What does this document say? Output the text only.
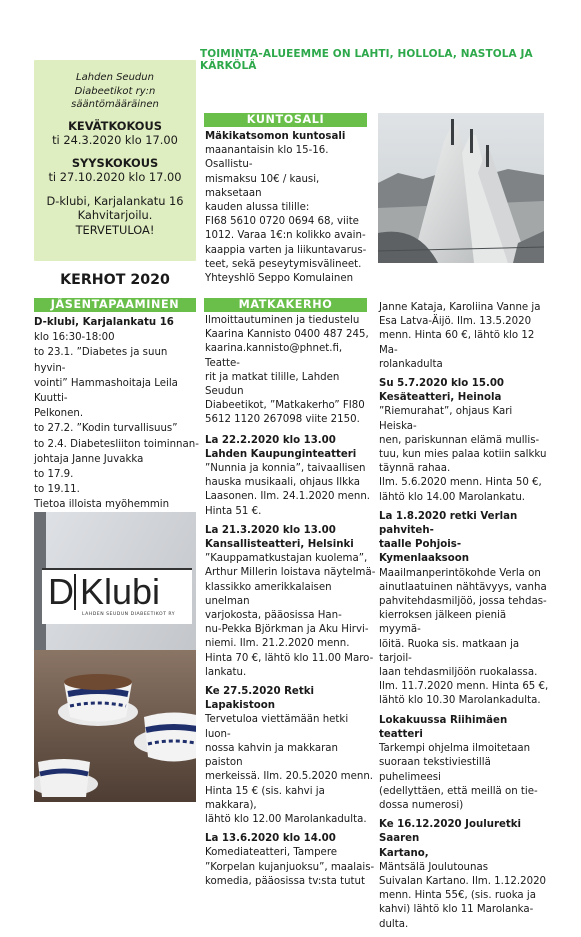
TOIMINTA-ALUEEMME ON LAHTI, HOLLOLA, NASTOLA JA KÄRKÖLÄ
Lahden Seudun
Diabeetikot ry:n
sääntömääräinen
KEVÄTKOKOUS
ti 24.3.2020 klo 17.00
SYYSKOKOUS
ti 27.10.2020 klo 17.00
D-klubi, Karjalankatu 16
Kahvitarjoilu.
TERVETULOA!
KUNTOSALI
Mäkikatsomon kuntosali
maanantaisin klo 15-16. Osallistu-
mismaksu 10€ / kausi, maksetaan
kauden alussa tilille:
FI68 5610 0720 0694 68, viite
1012. Varaa 1€:n kolikko avain-
kaappia varten ja liikuntavarus-
teet, sekä peseytymisvälineet.
Yhteyshlö Seppo Komulainen
KERHOT 2020
JÄSENTAPAAMINEN
D-klubi, Karjalankatu 16
klo 16:30-18:00
to 23.1. ”Diabetes ja suun hyvin-
vointi” Hammashoitaja Leila Kuutti-
Pelkonen.
to 27.2. ”Kodin turvallisuus”
to 2.4. Diabetesliiton toiminnan-
johtaja Janne Juvakka
to 17.9.
to 19.11.
Tietoa illoista myöhemmin
D Klubi
LAHDEN SEUDUN DIABEETIKOT RY
MATKAKERHO
Ilmoittautuminen ja tiedustelu
Kaarina Kannisto 0400 487 245,
kaarina.kannisto@phnet.fi, Teatte-
rit ja matkat tilille, Lahden Seudun
Diabeetikot, ”Matkakerho” FI80
5612 1120 267098 viite 2150.
La 22.2.2020 klo 13.00
Lahden Kaupunginteatteri
”Nunnia ja konnia”, taivaallisen
hauska musikaali, ohjaus Ilkka
Laasonen. Ilm. 24.1.2020 menn.
Hinta 51 €.
La 21.3.2020 klo 13.00
Kansallisteatteri, Helsinki
”Kauppamatkustajan kuolema”,
Arthur Millerin loistava näytelmä-
klassikko amerikkalaisen unelman
varjokosta, pääosissa Han-
nu-Pekka Björkman ja Aku Hirvi-
niemi. Ilm. 21.2.2020 menn.
Hinta 70 €, lähtö klo 11.00 Maro-
lankatu.
Ke 27.5.2020 Retki Lapakistoon
Tervetuloa viettämään hetki luon-
nossa kahvin ja makkaran paiston
merkeissä. Ilm. 20.5.2020 menn.
Hinta 15 € (sis. kahvi ja makkara),
lähtö klo 12.00 Marolankadulta.
La 13.6.2020 klo 14.00
Komediateatteri, Tampere
”Korpelan kujanjuoksu”, maalais-
komedia, pääosissa tv:sta tutut
Janne Kataja, Karoliina Vanne ja
Esa Latva-Äijö. Ilm. 13.5.2020
menn. Hinta 60 €, lähtö klo 12 Ma-
rolankadulta
Su 5.7.2020 klo 15.00
Kesäteatteri, Heinola
”Riemurahat”, ohjaus Kari Heiska-
nen, pariskunnan elämä mullis-
tuu, kun mies palaa kotiin salkku
täynnä rahaa.
Ilm. 5.6.2020 menn. Hinta 50 €,
lähtö klo 14.00 Marolankatu.
La 1.8.2020 retki Verlan pahviteh-
taalle Pohjois-Kymenlaaksoon
Maailmanperintökohde Verla on
ainutlaatuinen nähtävyys, vanha
pahvitehdasmiljöö, jossa tehdas-
kierroksen jälkeen pieniä myymä-
löitä. Ruoka sis. matkaan ja tarjoil-
laan tehdasmiljöön ruokalassa.
Ilm. 11.7.2020 menn. Hinta 65 €,
lähtö klo 10.30 Marolankadulta.
Lokakuussa Riihimäen teatteri
Tarkempi ohjelma ilmoitetaan
suoraan tekstiviestillä puhelimeesi
(edellyttäen, että meillä on tie-
dossa numerosi)
Ke 16.12.2020 Jouluretki Saaren
Kartano,
Mäntsälä Joulutounas
Suivalan Kartano. Ilm. 1.12.2020
menn. Hinta 55€, (sis. ruoka ja
kahvi) lähtö klo 11 Marolanka-
dulta.
